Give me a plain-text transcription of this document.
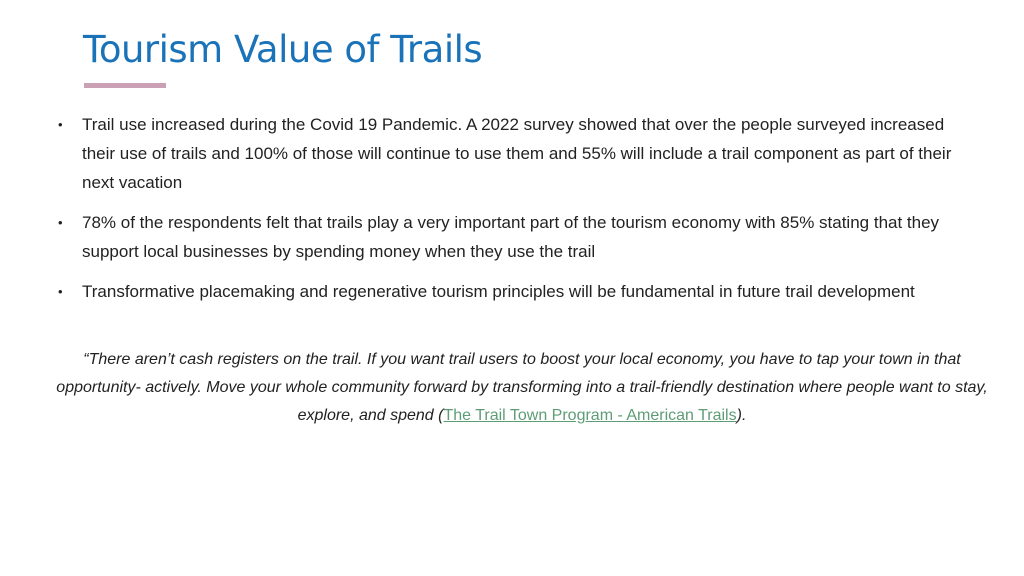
Tourism Value of Trails
• Trail use increased during the Covid 19 Pandemic. A 2022 survey showed that over the people surveyed increased their use of trails and 100% of those will continue to use them and 55% will include a trail component as part of their next vacation
• 78% of the respondents felt that trails play a very important part of the tourism economy with 85% stating that they support local businesses by spending money when they use the trail
• Transformative placemaking and regenerative tourism principles will be fundamental in future trail development

“There aren’t cash registers on the trail. If you want trail users to boost your local economy, you have to tap your town in that opportunity- actively. Move your whole community forward by transforming into a trail-friendly destination where people want to stay, explore, and spend (The Trail Town Program - American Trails).
